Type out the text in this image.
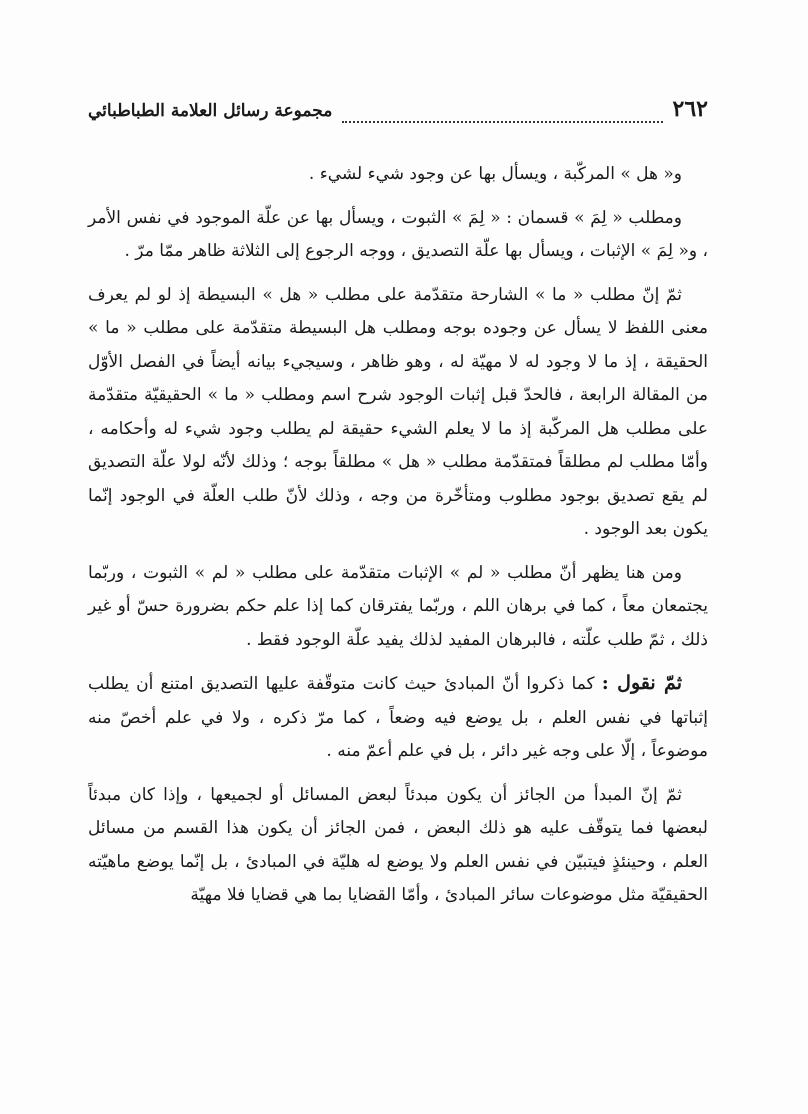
٢٦٢
مجموعة رسائل العلامة الطباطبائي

و« هل » المركّبة ، ويسأل بها عن وجود شيء لشيء .

ومطلب « لِمَ » قسمان : « لِمَ » الثبوت ، ويسأل بها عن علّة الموجود في نفس الأمر ، و« لِمَ » الإثبات ، ويسأل بها علّة التصديق ، ووجه الرجوع إلى الثلاثة ظاهر ممّا مرّ .

ثمّ إنّ مطلب « ما » الشارحة متقدّمة على مطلب « هل » البسيطة إذ لو لم يعرف معنى اللفظ لا يسأل عن وجوده بوجه ومطلب هل البسيطة متقدّمة على مطلب « ما » الحقيقة ، إذ ما لا وجود له لا مهيّة له ، وهو ظاهر ، وسيجيء بيانه أيضاً في الفصل الأوّل من المقالة الرابعة ، فالحدّ قبل إثبات الوجود شرح اسم ومطلب « ما » الحقيقيّة متقدّمة على مطلب هل المركّبة إذ ما لا يعلم الشيء حقيقة لم يطلب وجود شيء له وأحكامه ، وأمّا مطلب لم مطلقاً فمتقدّمة مطلب « هل » مطلقاً بوجه ؛ وذلك لأنّه لولا علّة التصديق لم يقع تصديق بوجود مطلوب ومتأخّرة من وجه ، وذلك لأنّ طلب العلّة في الوجود إنّما يكون بعد الوجود .

ومن هنا يظهر أنّ مطلب « لم » الإثبات متقدّمة على مطلب « لم » الثبوت ، وربّما يجتمعان معاً ، كما في برهان اللم ، وربّما يفترقان كما إذا علم حكم بضرورة حسّ أو غير ذلك ، ثمّ طلب علّته ، فالبرهان المفيد لذلك يفيد علّة الوجود فقط .

ثمّ نقول : كما ذكروا أنّ المبادئ حيث كانت متوقّفة عليها التصديق امتنع أن يطلب إثباتها في نفس العلم ، بل يوضع فيه وضعاً ، كما مرّ ذكره ، ولا في علم أخصّ منه موضوعاً ، إلّا على وجه غير دائر ، بل في علم أعمّ منه .

ثمّ إنّ المبدأ من الجائز أن يكون مبدئاً لبعض المسائل أو لجميعها ، وإذا كان مبدئاً لبعضها فما يتوقّف عليه هو ذلك البعض ، فمن الجائز أن يكون هذا القسم من مسائل العلم ، وحينئذٍ فيتبيّن في نفس العلم ولا يوضع له هليّة في المبادئ ، بل إنّما يوضع ماهيّته الحقيقيّة مثل موضوعات سائر المبادئ ، وأمّا القضايا بما هي قضايا فلا مهيّة
